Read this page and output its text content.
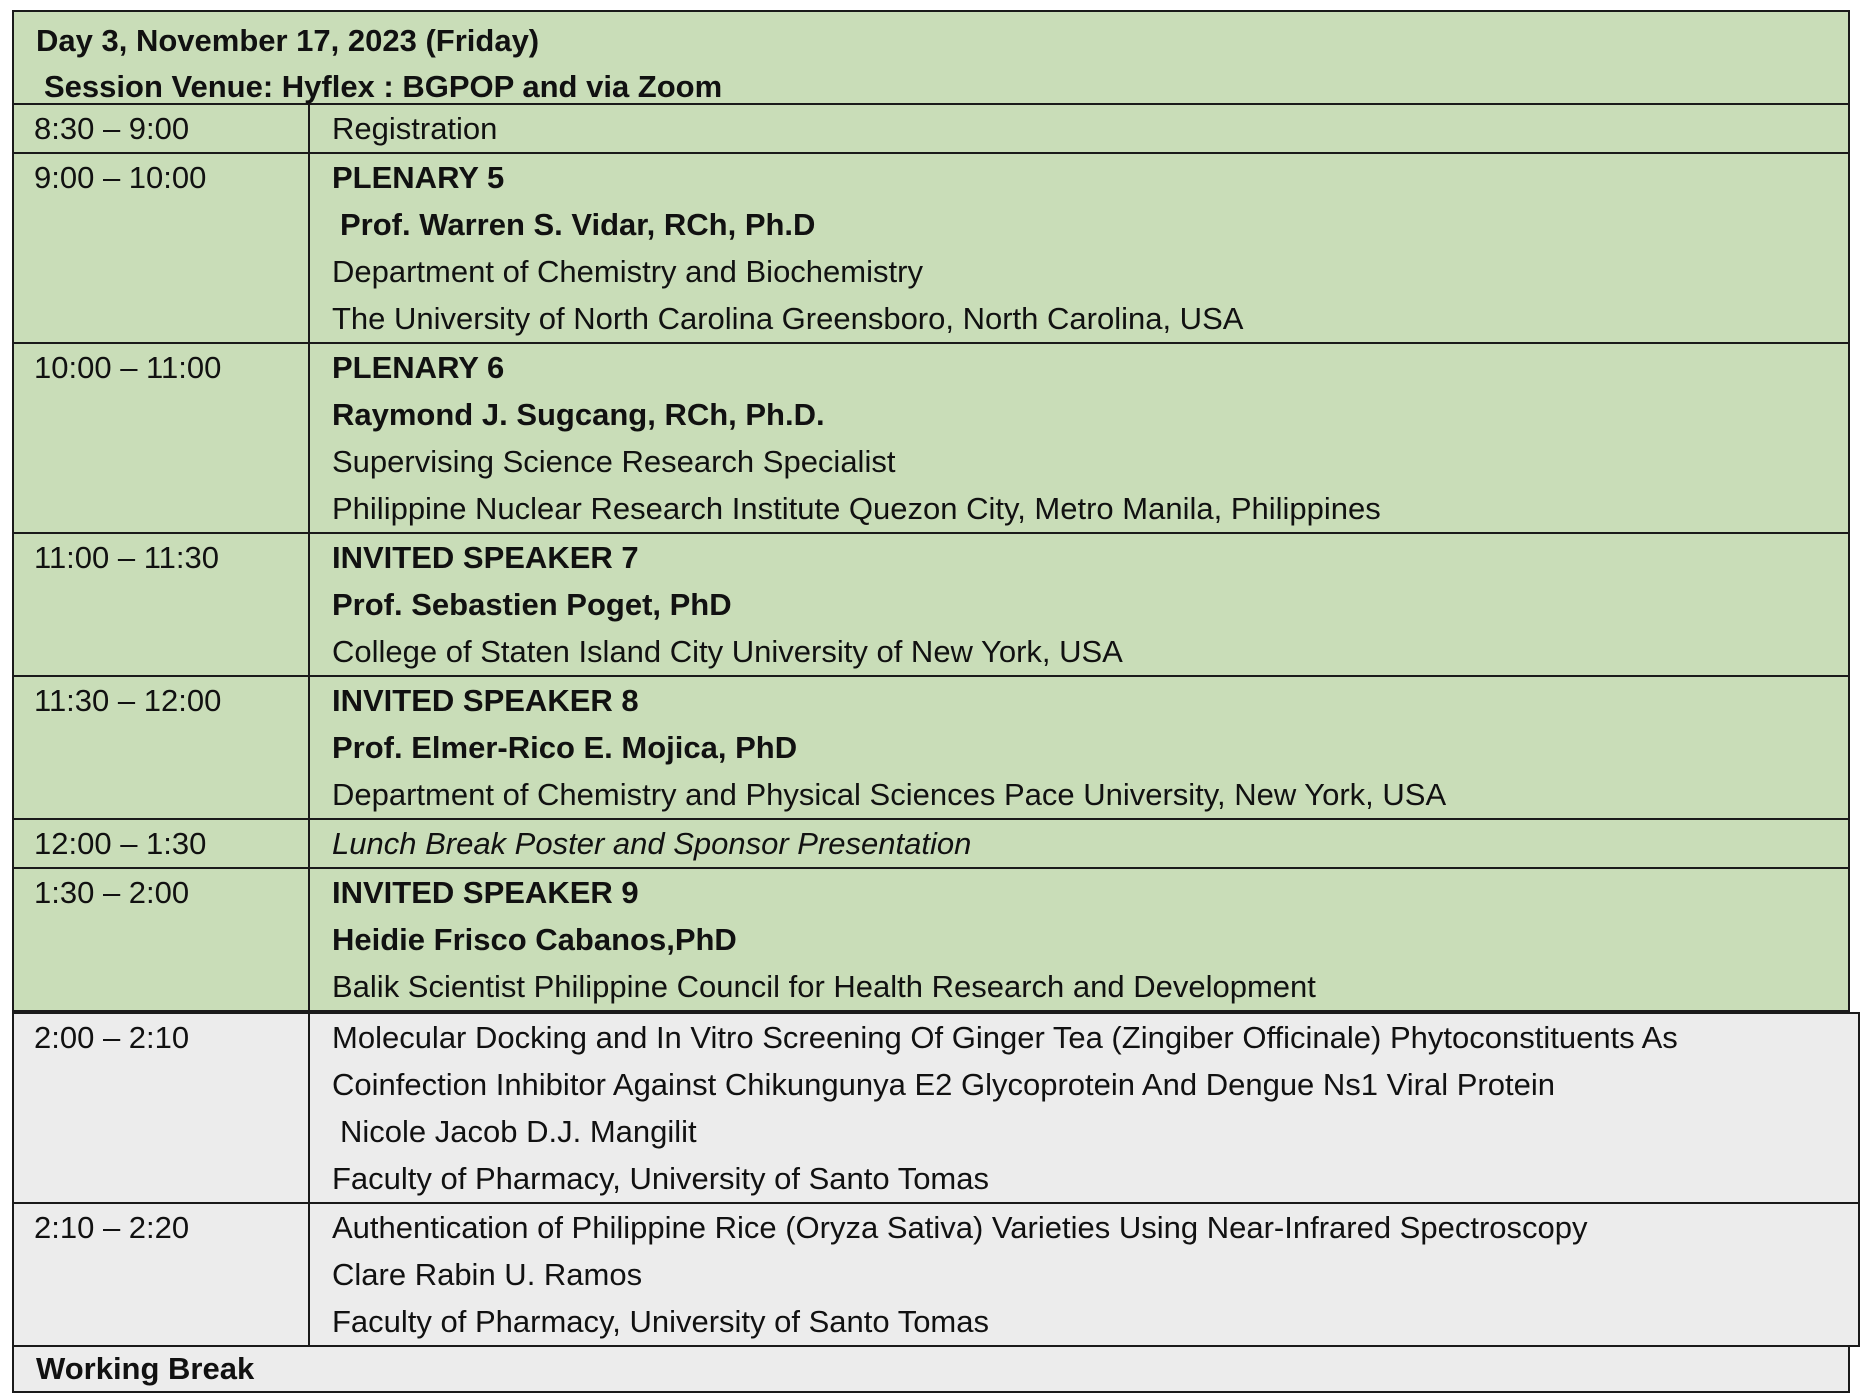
Day 3, November 17, 2023 (Friday)
Session Venue: Hyflex : BGPOP and via Zoom
8:30 – 9:00	Registration

9:00 – 10:00	PLENARY 5
Prof. Warren S. Vidar, RCh, Ph.D
Department of Chemistry and Biochemistry
The University of North Carolina Greensboro, North Carolina, USA

10:00 – 11:00	PLENARY 6
Raymond J. Sugcang, RCh, Ph.D.
Supervising Science Research Specialist
Philippine Nuclear Research Institute Quezon City, Metro Manila, Philippines

11:00 – 11:30	INVITED SPEAKER 7
Prof. Sebastien Poget, PhD
College of Staten Island City University of New York, USA

11:30 – 12:00	INVITED SPEAKER 8
Prof. Elmer-Rico E. Mojica, PhD
Department of Chemistry and Physical Sciences Pace University, New York, USA

12:00 – 1:30	Lunch Break Poster and Sponsor Presentation

1:30 – 2:00	INVITED SPEAKER 9
Heidie Frisco Cabanos,PhD
Balik Scientist Philippine Council for Health Research and Development
2:00 – 2:10	Molecular Docking and In Vitro Screening Of Ginger Tea (Zingiber Officinale) Phytoconstituents As
Coinfection Inhibitor Against Chikungunya E2 Glycoprotein And Dengue Ns1 Viral Protein
Nicole Jacob D.J. Mangilit
Faculty of Pharmacy, University of Santo Tomas

2:10 – 2:20	Authentication of Philippine Rice (Oryza Sativa) Varieties Using Near-Infrared Spectroscopy
Clare Rabin U. Ramos
Faculty of Pharmacy, University of Santo Tomas
Working Break
